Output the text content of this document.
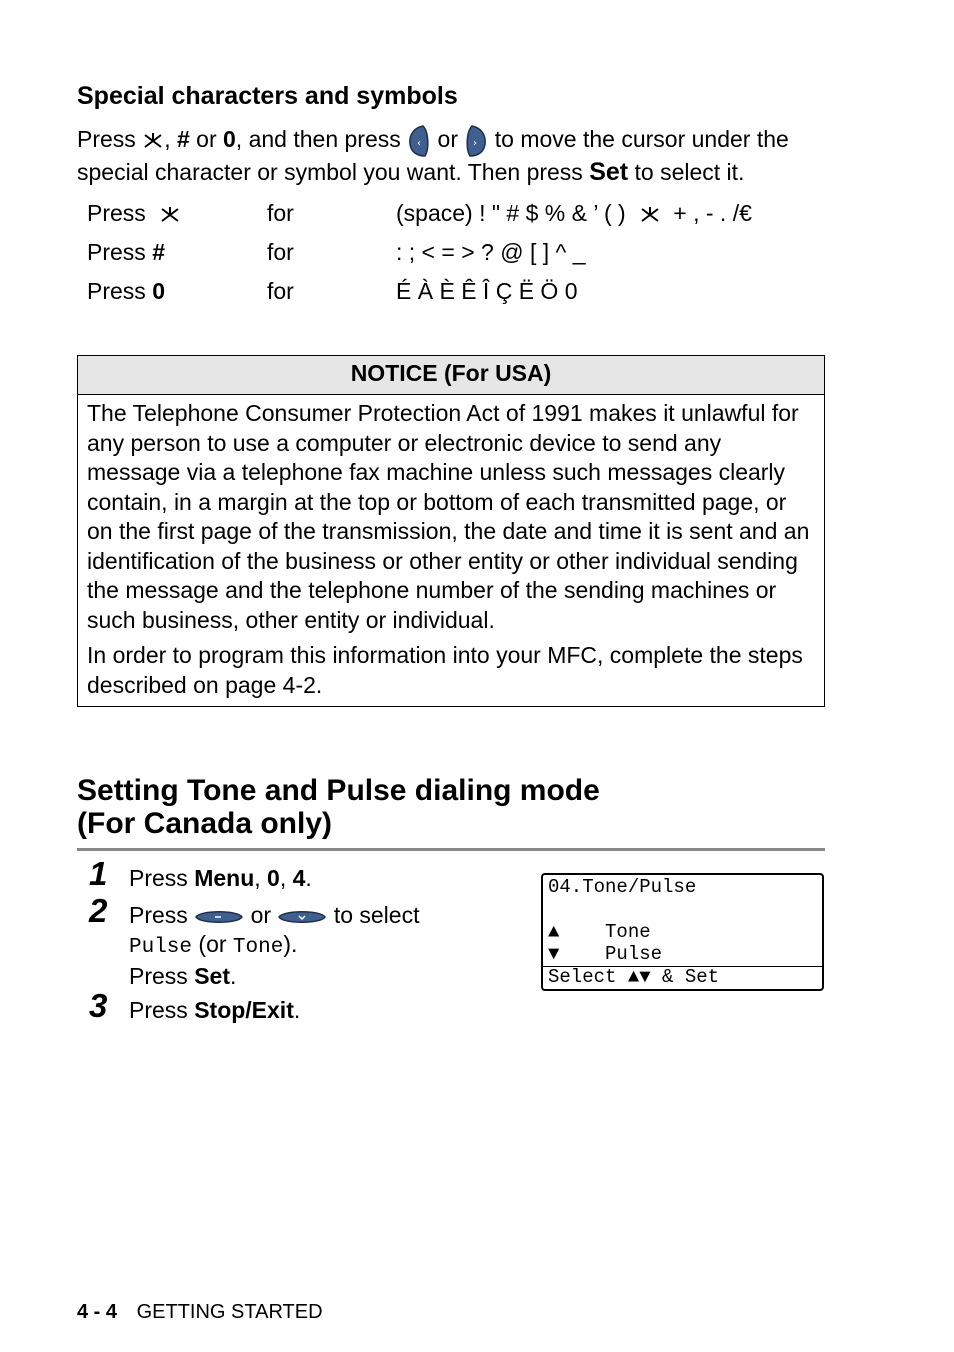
Special characters and symbols
Press , # or 0, and then press ‹ or › to move the cursor under the special character or symbol you want. Then press Set to select it.
Press	for	(space) ! " # $ % & ’ ( ) + , - . /€
Press #	for	: ; < = > ? @ [ ] ^ _
Press 0	for	É À È Ê Î Ç Ë Ö 0
NOTICE (For USA)

The Telephone Consumer Protection Act of 1991 makes it unlawful for any person to use a computer or electronic device to send any message via a telephone fax machine unless such messages clearly contain, in a margin at the top or bottom of each transmitted page, or on the first page of the transmission, the date and time it is sent and an identification of the business or other entity or other individual sending the message and the telephone number of the sending machines or such business, other entity or individual.

In order to program this information into your MFC, complete the steps described on page 4-2.

Setting Tone and Pulse dialing mode
(For Canada only)
1 Press Menu, 0, 4.
2 Press	or	to select
Pulse (or Tone).
Press Set.
3 Press Stop/Exit.
04.Tone/Pulse
▲    Tone
▼    Pulse
Select ▲▼ & Set
4 - 4 GETTING STARTED
